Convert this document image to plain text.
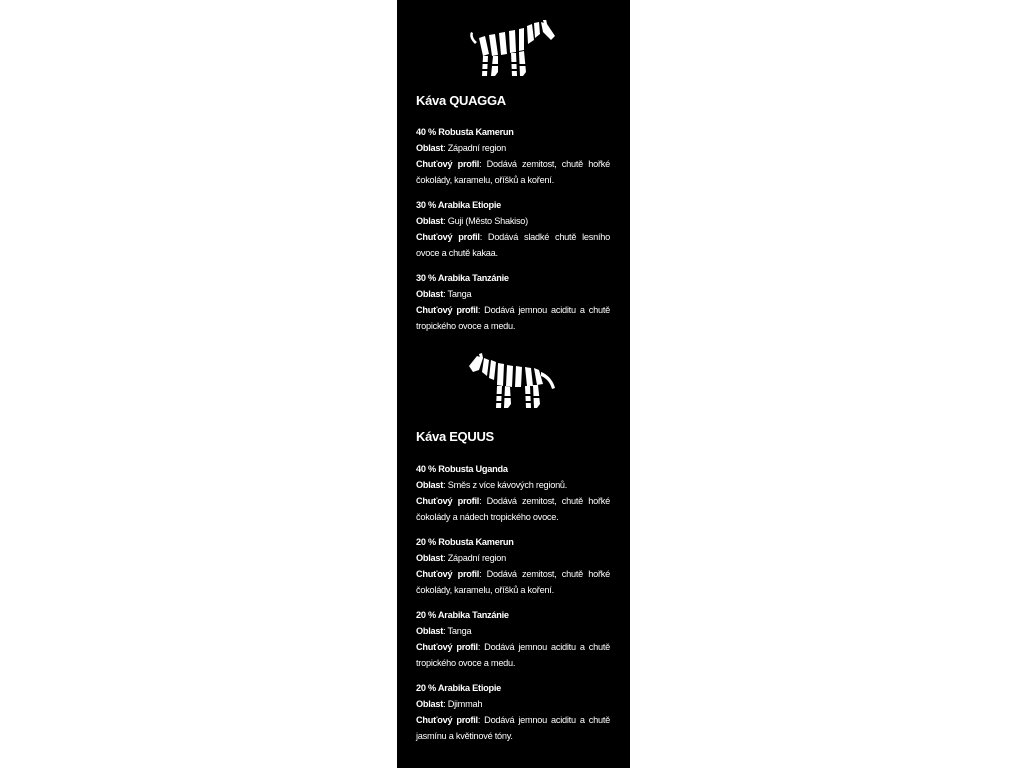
Káva QUAGGA
40 % Robusta Kamerun
Oblast: Západní region
Chuťový profil: Dodává zemitost, chutě hořké čokolády, karamelu, oříšků a koření.
30 % Arabika Etiopie
Oblast: Guji (Město Shakiso)
Chuťový profil: Dodává sladké chutě lesního ovoce a chutě kakaa.
30 % Arabika Tanzánie
Oblast: Tanga
Chuťový profil: Dodává jemnou aciditu a chutě tropického ovoce a medu.
Káva EQUUS
40 % Robusta Uganda
Oblast: Směs z více kávových regionů.
Chuťový profil: Dodává zemitost, chutě hořké čokolády a nádech tropického ovoce.
20 % Robusta Kamerun
Oblast: Západní region
Chuťový profil: Dodává zemitost, chutě hořké čokolády, karamelu, oříšků a koření.
20 % Arabika Tanzánie
Oblast: Tanga
Chuťový profil: Dodává jemnou aciditu a chutě tropického ovoce a medu.
20 % Arabika Etiopie
Oblast: Djimmah
Chuťový profil: Dodává jemnou aciditu a chutě jasmínu a květinové tóny.
